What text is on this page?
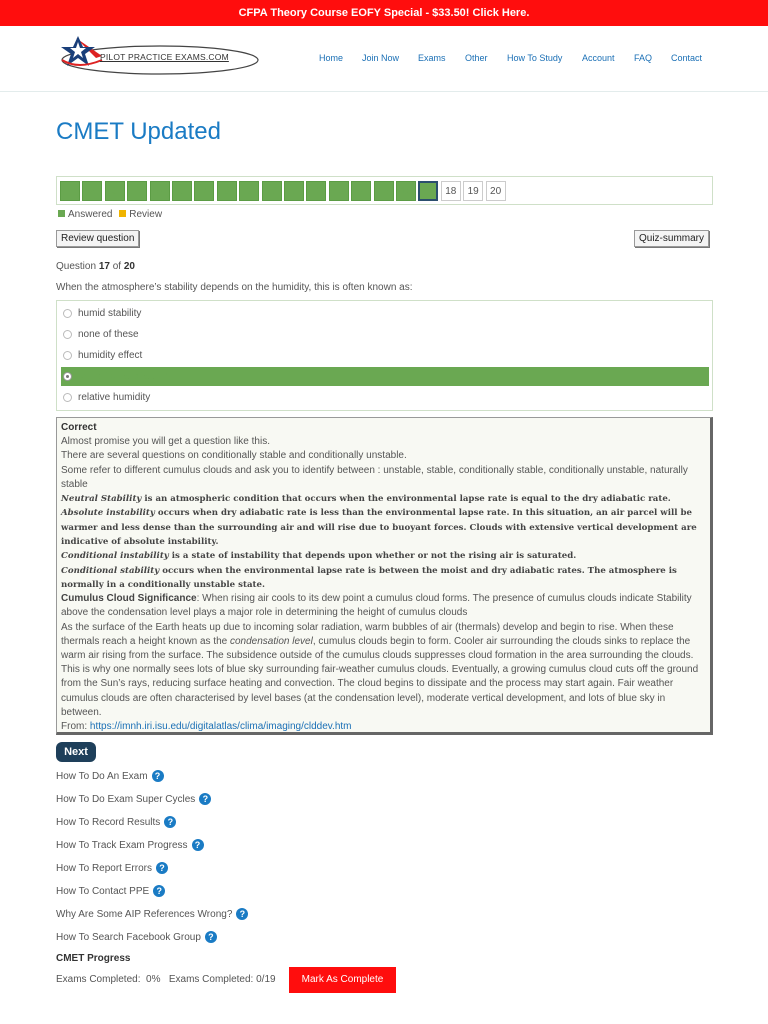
CFPA Theory Course EOFY Special - $33.50! Click Here.
PILOT PRACTICE EXAMS.COM	Home Join Now Exams Other How To Study Account FAQ Contact
CMET Updated
1	2	3	4	5	6	7	8	9	10	11	12	13	14	15	16	17	18	19	20
Answered Review
Review question	Quiz-summary
Question 17 of 20
When the atmosphere’s stability depends on the humidity, this is often known as:
humid stability
none of these
humidity effect
conditional stability
relative humidity
Correct
Almost promise you will get a question like this.
There are several questions on conditionally stable and conditionally unstable.
Some refer to different cumulus clouds and ask you to identify between : unstable, stable, conditionally stable, conditionally unstable, naturally stable
Neutral Stability is an atmospheric condition that occurs when the environmental lapse rate is equal to the dry adiabatic rate.
Absolute instability occurs when dry adiabatic rate is less than the environmental lapse rate. In this situation, an air parcel will be warmer and less dense than the surrounding air and will rise due to buoyant forces. Clouds with extensive vertical development are indicative of absolute instability.
Conditional instability is a state of instability that depends upon whether or not the rising air is saturated.
Conditional stability occurs when the environmental lapse rate is between the moist and dry adiabatic rates. The atmosphere is normally in a conditionally unstable state.
Cumulus Cloud Significance: When rising air cools to its dew point a cumulus cloud forms. The presence of cumulus clouds indicate Stability above the condensation level plays a major role in determining the height of cumulus clouds
As the surface of the Earth heats up due to incoming solar radiation, warm bubbles of air (thermals) develop and begin to rise. When these thermals reach a height known as the condensation level, cumulus clouds begin to form. Cooler air surrounding the clouds sinks to replace the warm air rising from the surface. The subsidence outside of the cumulus clouds suppresses cloud formation in the area surrounding the clouds. This is why one normally sees lots of blue sky surrounding fair-weather cumulus clouds. Eventually, a growing cumulus cloud cuts off the ground from the Sun’s rays, reducing surface heating and convection. The cloud begins to dissipate and the process may start again. Fair weather cumulus clouds are often characterised by level bases (at the condensation level), moderate vertical development, and lots of blue sky in between.
From: https://imnh.iri.isu.edu/digitalatlas/clima/imaging/clddev.htm
Next
How To Do An Exam ?
How To Do Exam Super Cycles ?
How To Record Results ?
How To Track Exam Progress ?
How To Report Errors ?
How To Contact PPE ?
Why Are Some AIP References Wrong? ?
How To Search Facebook Group ?
CMET Progress
Exams Completed:  0% Exams Completed: 0/19	Mark As Complete
